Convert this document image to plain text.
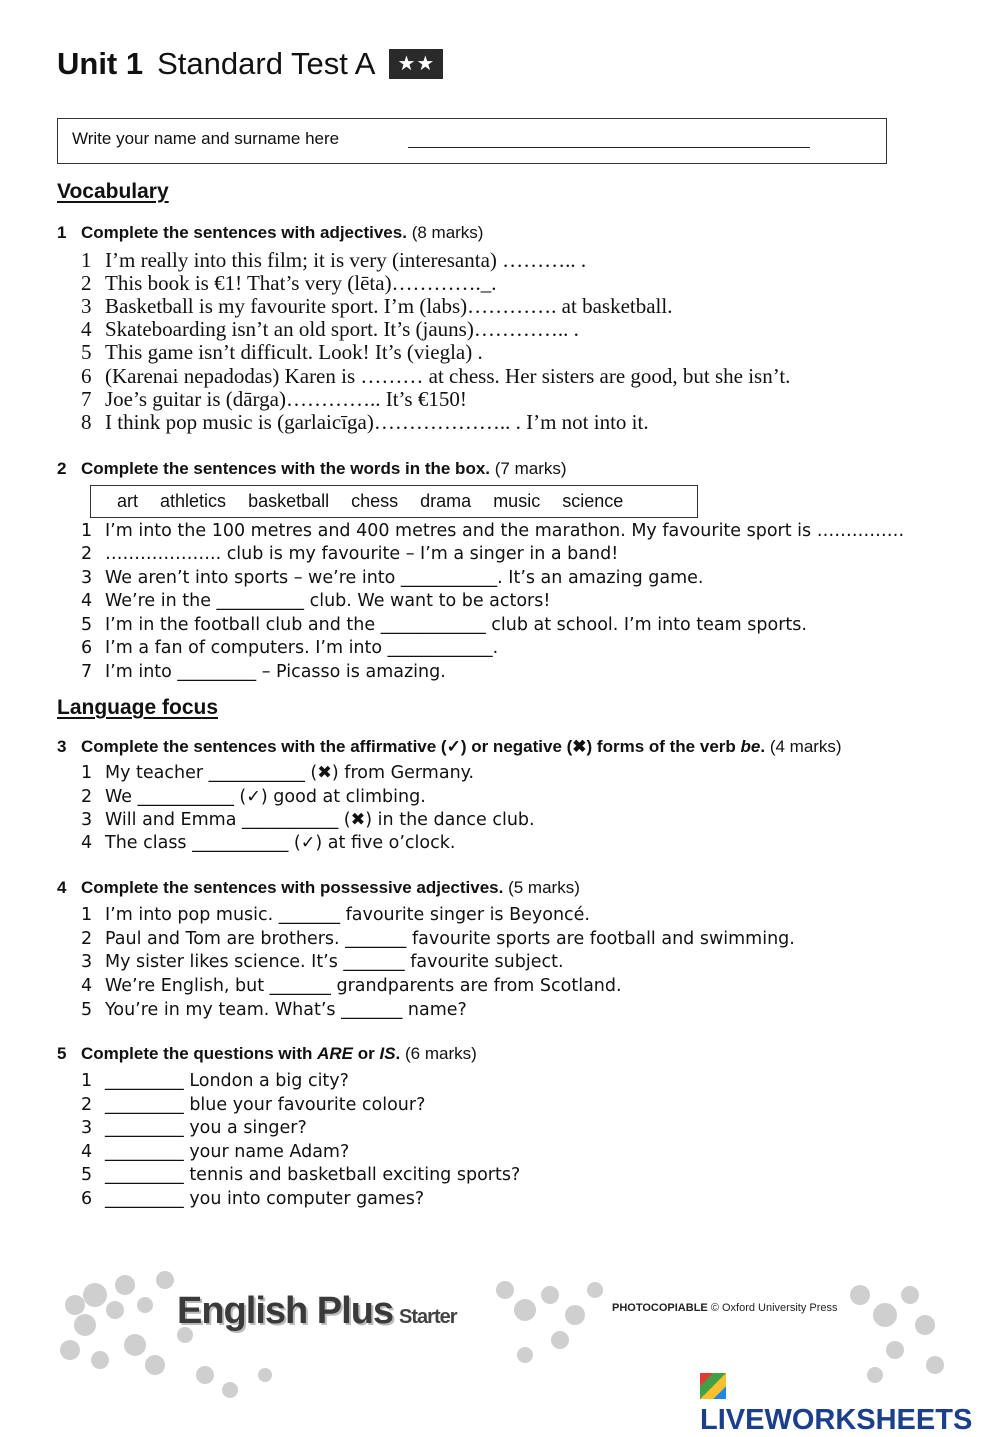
Unit 1 Standard Test A ★★
Write your name and surname here
Vocabulary
1 Complete the sentences with adjectives. (8 marks)
1 I’m really into this film; it is very (interesanta) ……….. .
2 This book is €1! That’s very (lēta)…………._.
3 Basketball is my favourite sport. I’m (labs)…………. at basketball.
4 Skateboarding isn’t an old sport. It’s (jauns)………….. .
5 This game isn’t difficult. Look! It’s (viegla) .
6 (Karenai nepadodas) Karen is ……… at chess. Her sisters are good, but she isn’t.
7 Joe’s guitar is (dārga)………….. It’s €150!
8 I think pop music is (garlaicīga)……………….. . I’m not into it.
2 Complete the sentences with the words in the box. (7 marks)
art athletics basketball chess drama music science
1 I’m into the 100 metres and 400 metres and the marathon. My favourite sport is ……………
2 ……………….. club is my favourite – I’m a singer in a band!
3 We aren’t into sports – we’re into ___________. It’s an amazing game.
4 We’re in the __________ club. We want to be actors!
5 I’m in the football club and the ____________ club at school. I’m into team sports.
6 I’m a fan of computers. I’m into ____________.
7 I’m into _________ – Picasso is amazing.
Language focus
3 Complete the sentences with the affirmative (✓) or negative (✖) forms of the verb be. (4 marks)
1 My teacher ___________ (✖) from Germany.
2 We ___________ (✓) good at climbing.
3 Will and Emma ___________ (✖) in the dance club.
4 The class ___________ (✓) at five o’clock.
4 Complete the sentences with possessive adjectives. (5 marks)
1 I’m into pop music. _______ favourite singer is Beyoncé.
2 Paul and Tom are brothers. _______ favourite sports are football and swimming.
3 My sister likes science. It’s _______ favourite subject.
4 We’re English, but _______ grandparents are from Scotland.
5 You’re in my team. What’s _______ name?
5 Complete the questions with ARE or IS. (6 marks)
1 _________ London a big city?
2 _________ blue your favourite colour?
3 _________ you a singer?
4 _________ your name Adam?
5 _________ tennis and basketball exciting sports?
6 _________ you into computer games?
English Plus Starter	PHOTOCOPIABLE © Oxford University Press
LIVEWORKSHEETS
